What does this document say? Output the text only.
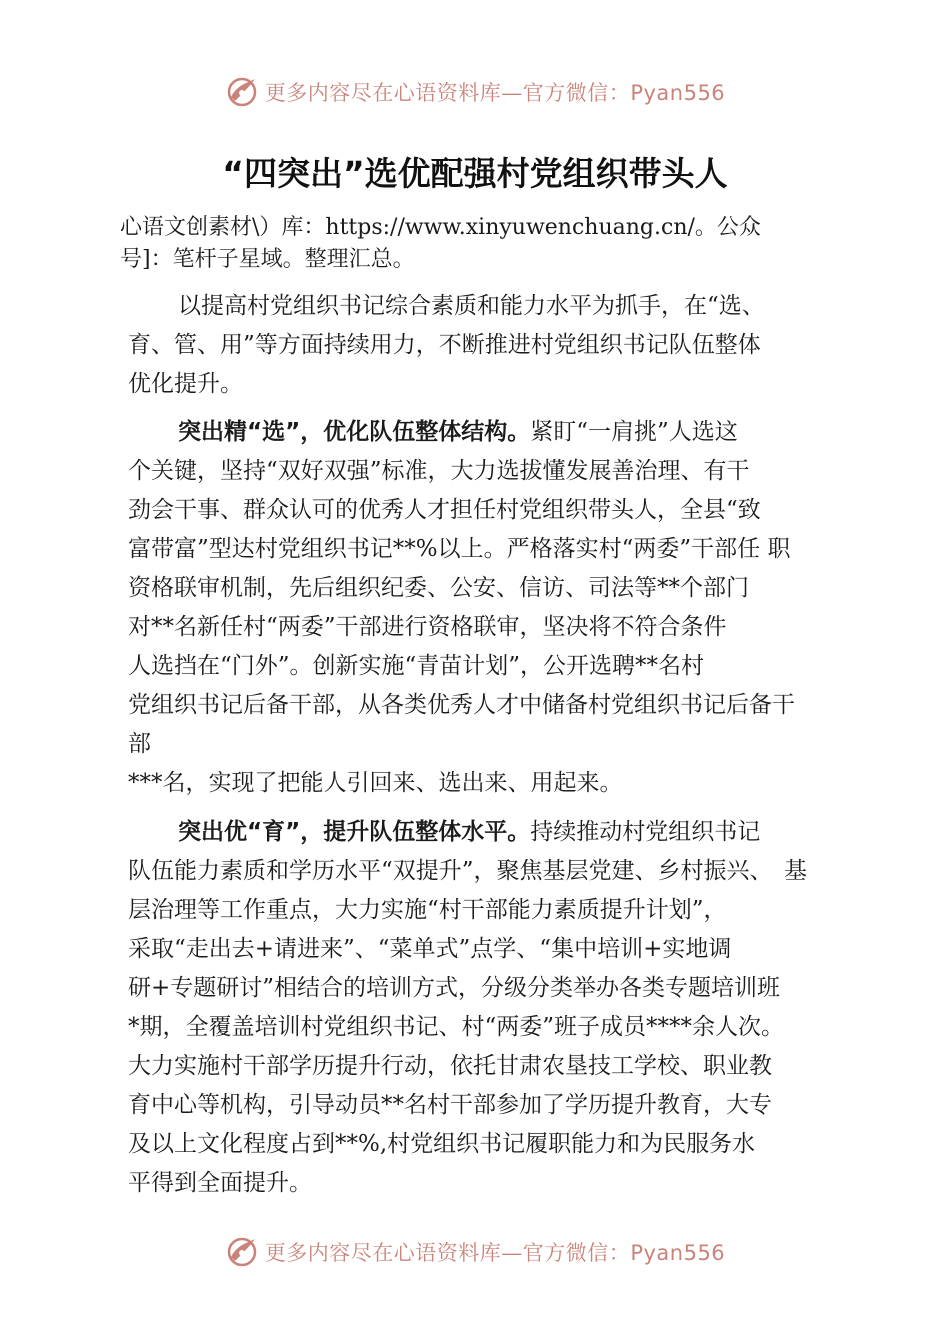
更多内容尽在心语资料库—官方微信：Pyan556
“四突出”选优配强村党组织带头人
心语文创素材\）库：https://www.xinyuwenchuang.cn/。公众
号]：笔杆子星域。整理汇总。
以提高村党组织书记综合素质和能力水平为抓手，在“选、
育、管、用”等方面持续用力，不断推进村党组织书记队伍整体
优化提升。
突出精“选”，优化队伍整体结构。紧盯“一肩挑”人选这
个关键，坚持“双好双强”标准，大力选拔懂发展善治理、有干
劲会干事、群众认可的优秀人才担任村党组织带头人，全县“致
富带富”型达村党组织书记**%以上。严格落实村“两委”干部任 职
资格联审机制，先后组织纪委、公安、信访、司法等**个部门
对**名新任村“两委”干部进行资格联审，坚决将不符合条件
人选挡在“门外”。创新实施“青苗计划”，公开选聘**名村
党组织书记后备干部，从各类优秀人才中储备村党组织书记后备干
部
***名，实现了把能人引回来、选出来、用起来。
突出优“育”，提升队伍整体水平。持续推动村党组织书记
队伍能力素质和学历水平“双提升”，聚焦基层党建、乡村振兴、　基
层治理等工作重点，大力实施“村干部能力素质提升计划”，
采取“走出去+请进来”、“菜单式”点学、“集中培训+实地调
研+专题研讨”相结合的培训方式，分级分类举办各类专题培训班
*期，全覆盖培训村党组织书记、村“两委”班子成员****余人次。
大力实施村干部学历提升行动，依托甘肃农垦技工学校、职业教
育中心等机构，引导动员**名村干部参加了学历提升教育，大专
及以上文化程度占到**%,村党组织书记履职能力和为民服务水
平得到全面提升。
更多内容尽在心语资料库—官方微信：Pyan556
